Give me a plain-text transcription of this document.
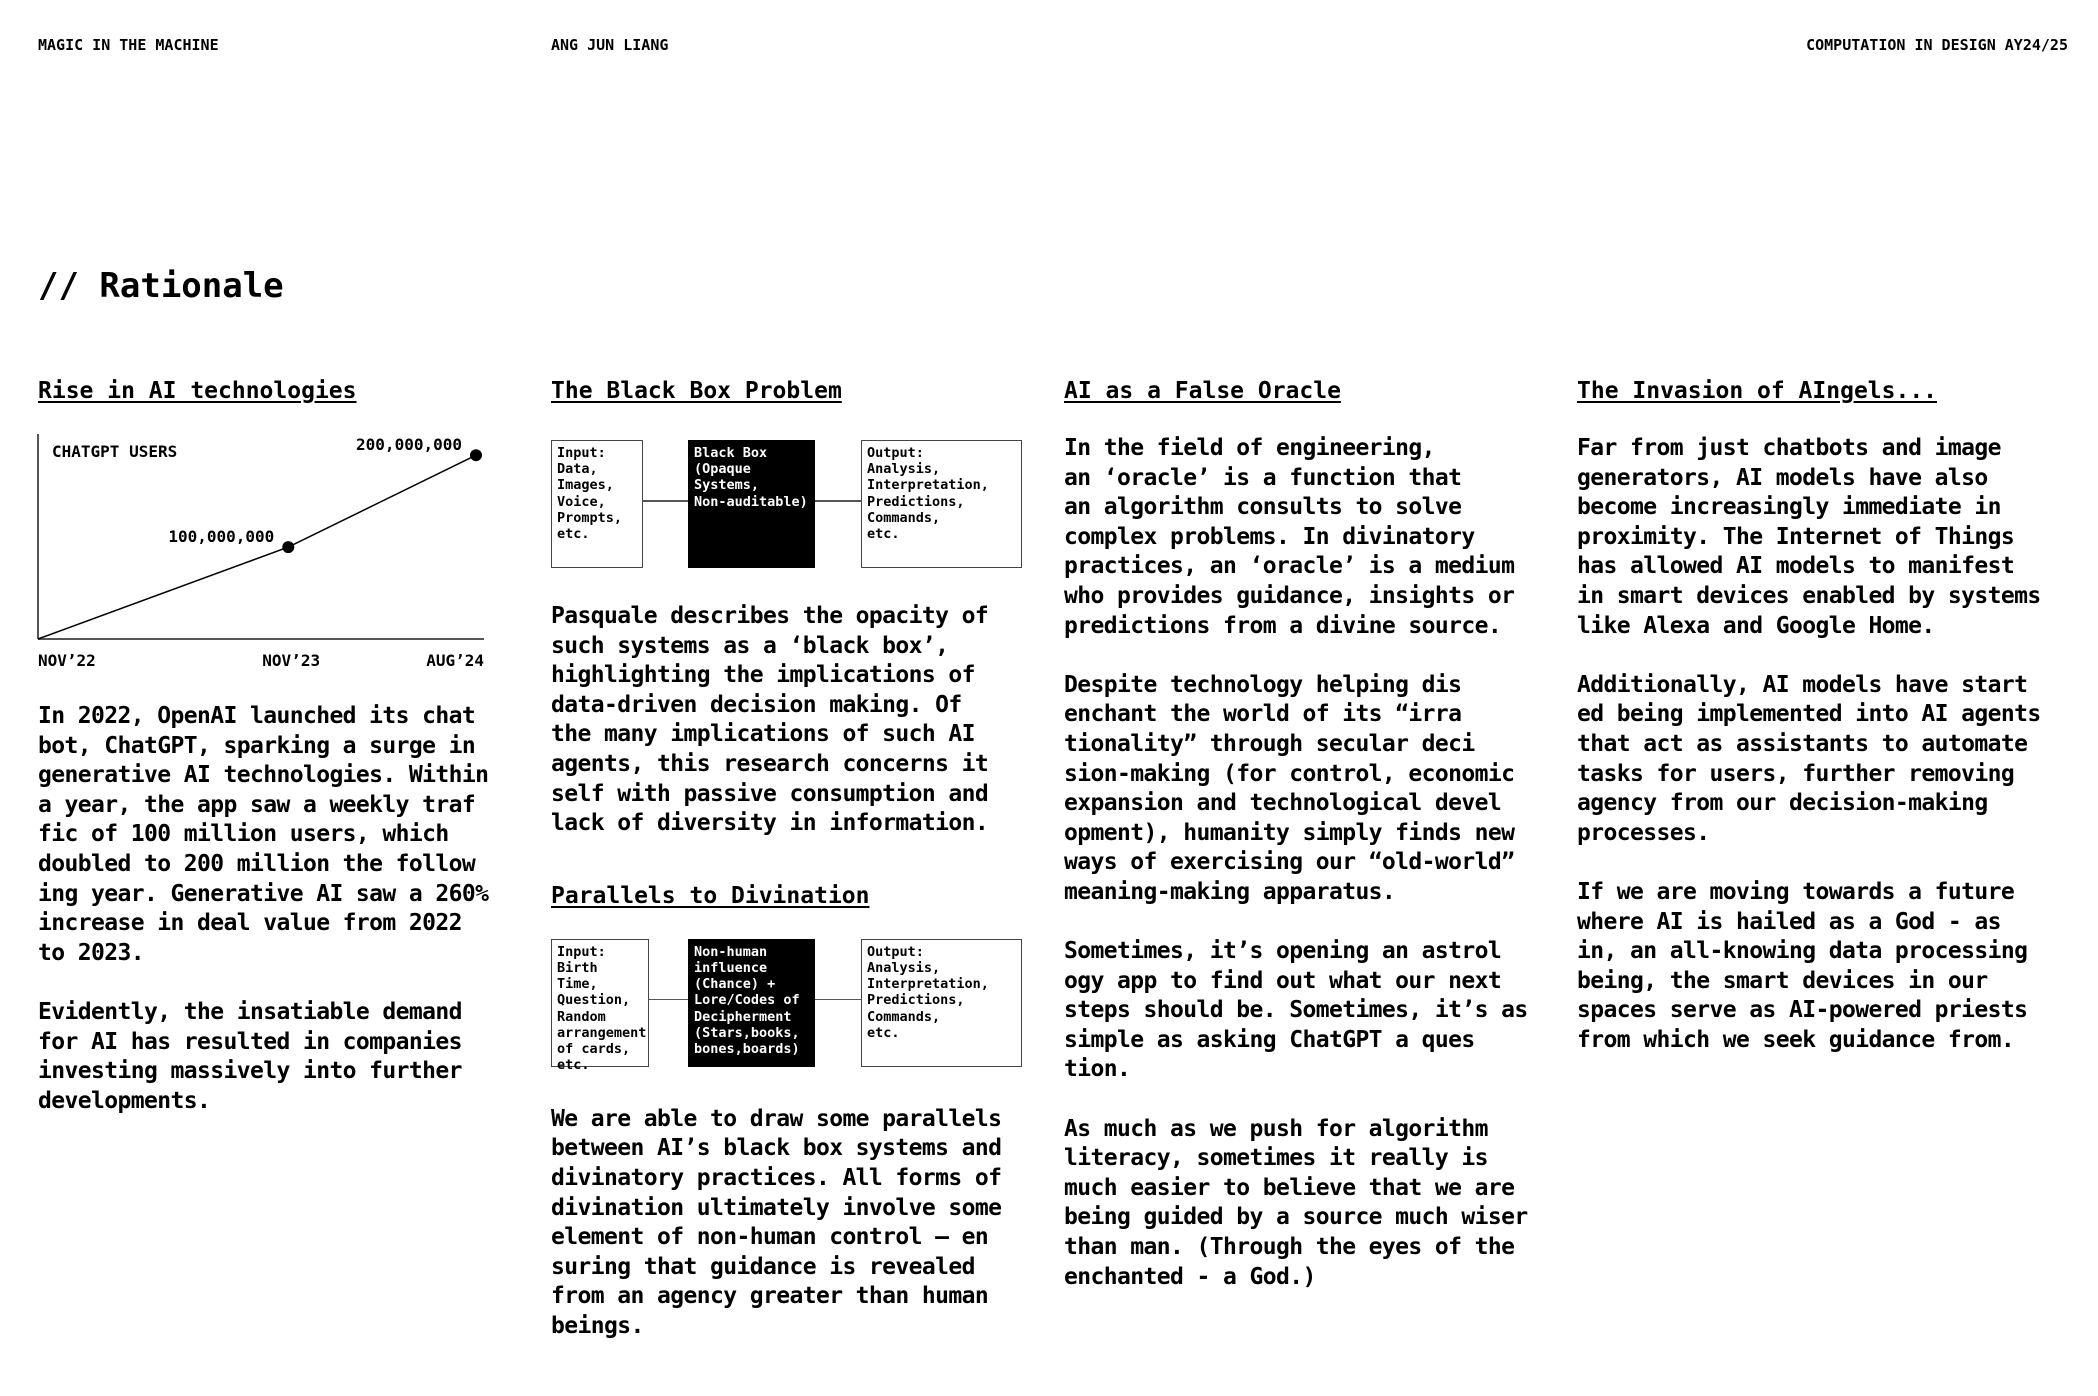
MAGIC IN THE MACHINE	ANG JUN LIANG	COMPUTATION IN DESIGN AY24/25
// Rationale
Rise in AI technologies
CHATGPT USERS
100,000,000
200,000,000
NOV’22	NOV’23	AUG’24

In 2022, OpenAI launched its chat
bot, ChatGPT, sparking a surge in
generative AI technologies. Within
a year, the app saw a weekly traf
fic of 100 million users, which
doubled to 200 million the follow
ing year. Generative AI saw a 260%
increase in deal value from 2022
to 2023.

Evidently, the insatiable demand
for AI has resulted in companies
investing massively into further
developments.

The Black Box Problem
Input:
Data,
Images,
Voice,
Prompts,
etc.
Black Box
(Opaque
Systems,
Non-auditable)
Output:
Analysis,
Interpretation,
Predictions,
Commands,
etc.

Pasquale describes the opacity of
such systems as a ‘black box’,
highlighting the implications of
data-driven decision making. Of
the many implications of such AI
agents, this research concerns it
self with passive consumption and
lack of diversity in information.

Parallels to Divination
Input:
Birth Time,
Question,
Random
arrangement
of cards,
etc.
Non-human
influence
(Chance) +
Lore/Codes of
Decipherment
(Stars,books,
bones,boards)
Output:
Analysis,
Interpretation,
Predictions,
Commands,
etc.

We are able to draw some parallels
between AI’s black box systems and
divinatory practices. All forms of
divination ultimately involve some
element of non-human control — en
suring that guidance is revealed
from an agency greater than human
beings.

AI as a False Oracle

In the field of engineering,
an ‘oracle’ is a function that
an algorithm consults to solve
complex problems. In divinatory
practices, an ‘oracle’ is a medium
who provides guidance, insights or
predictions from a divine source.

Despite technology helping dis
enchant the world of its “irra
tionality” through secular deci
sion-making (for control, economic
expansion and technological devel
opment), humanity simply finds new
ways of exercising our “old-world”
meaning-making apparatus.

Sometimes, it’s opening an astrol
ogy app to find out what our next
steps should be. Sometimes, it’s as
simple as asking ChatGPT a ques
tion.

As much as we push for algorithm
literacy, sometimes it really is
much easier to believe that we are
being guided by a source much wiser
than man. (Through the eyes of the
enchanted - a God.)

The Invasion of AIngels...

Far from just chatbots and image
generators, AI models have also
become increasingly immediate in
proximity. The Internet of Things
has allowed AI models to manifest
in smart devices enabled by systems
like Alexa and Google Home.

Additionally, AI models have start
ed being implemented into AI agents
that act as assistants to automate
tasks for users, further removing
agency from our decision-making
processes.

If we are moving towards a future
where AI is hailed as a God - as
in, an all-knowing data processing
being, the smart devices in our
spaces serve as AI-powered priests
from which we seek guidance from.
